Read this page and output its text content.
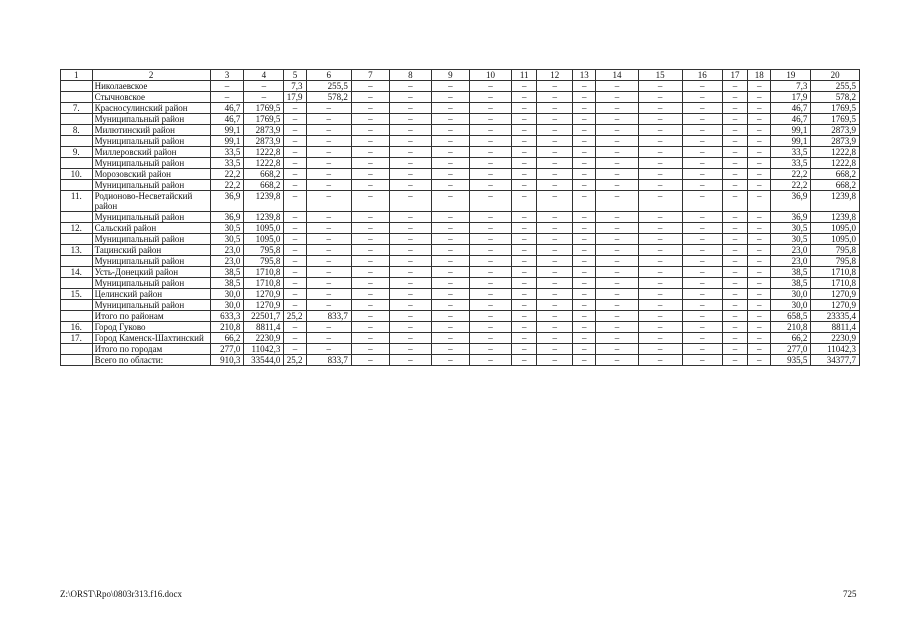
1	2	3	4	5	6	7	8	9	10	11	12	13	14	15	16	17	18	19	20
	Николаевское	–	–	7,3	255,5	–	–	–	–	–	–	–	–	–	–	–	–	7,3	255,5
	Стычновское	–	–	17,9	578,2	–	–	–	–	–	–	–	–	–	–	–	–	17,9	578,2
7.	Красносулинский район	46,7	1769,5	–	–	–	–	–	–	–	–	–	–	–	–	–	–	46,7	1769,5
	Муниципальный район	46,7	1769,5	–	–	–	–	–	–	–	–	–	–	–	–	–	–	46,7	1769,5
8.	Милютинский район	99,1	2873,9	–	–	–	–	–	–	–	–	–	–	–	–	–	–	99,1	2873,9
	Муниципальный район	99,1	2873,9	–	–	–	–	–	–	–	–	–	–	–	–	–	–	99,1	2873,9
9.	Миллеровский район	33,5	1222,8	–	–	–	–	–	–	–	–	–	–	–	–	–	–	33,5	1222,8
	Муниципальный район	33,5	1222,8	–	–	–	–	–	–	–	–	–	–	–	–	–	–	33,5	1222,8
10.	Морозовский район	22,2	668,2	–	–	–	–	–	–	–	–	–	–	–	–	–	–	22,2	668,2
	Муниципальный район	22,2	668,2	–	–	–	–	–	–	–	–	–	–	–	–	–	–	22,2	668,2
11.	Родионово-Несветайский район	36,9	1239,8	–	–	–	–	–	–	–	–	–	–	–	–	–	–	36,9	1239,8
	Муниципальный район	36,9	1239,8	–	–	–	–	–	–	–	–	–	–	–	–	–	–	36,9	1239,8
12.	Сальский район	30,5	1095,0	–	–	–	–	–	–	–	–	–	–	–	–	–	–	30,5	1095,0
	Муниципальный район	30,5	1095,0	–	–	–	–	–	–	–	–	–	–	–	–	–	–	30,5	1095,0
13.	Тацинский район	23,0	795,8	–	–	–	–	–	–	–	–	–	–	–	–	–	–	23,0	795,8
	Муниципальный район	23,0	795,8	–	–	–	–	–	–	–	–	–	–	–	–	–	–	23,0	795,8
14.	Усть-Донецкий район	38,5	1710,8	–	–	–	–	–	–	–	–	–	–	–	–	–	–	38,5	1710,8
	Муниципальный район	38,5	1710,8	–	–	–	–	–	–	–	–	–	–	–	–	–	–	38,5	1710,8
15.	Целинский район	30,0	1270,9	–	–	–	–	–	–	–	–	–	–	–	–	–	–	30,0	1270,9
	Муниципальный район	30,0	1270,9	–	–	–	–	–	–	–	–	–	–	–	–	–	–	30,0	1270,9
	Итого по районам	633,3	22501,7	25,2	833,7	–	–	–	–	–	–	–	–	–	–	–	–	658,5	23335,4
16.	Город Гуково	210,8	8811,4	–	–	–	–	–	–	–	–	–	–	–	–	–	–	210,8	8811,4
17.	Город Каменск-Шахтинский	66,2	2230,9	–	–	–	–	–	–	–	–	–	–	–	–	–	–	66,2	2230,9
	Итого по городам	277,0	11042,3	–	–	–	–	–	–	–	–	–	–	–	–	–	–	277,0	11042,3
	Всего по области:	910,3	33544,0	25,2	833,7	–	–	–	–	–	–	–	–	–	–	–	–	935,5	34377,7
Z:\ORST\Rpo\0803r313.f16.docx	725
